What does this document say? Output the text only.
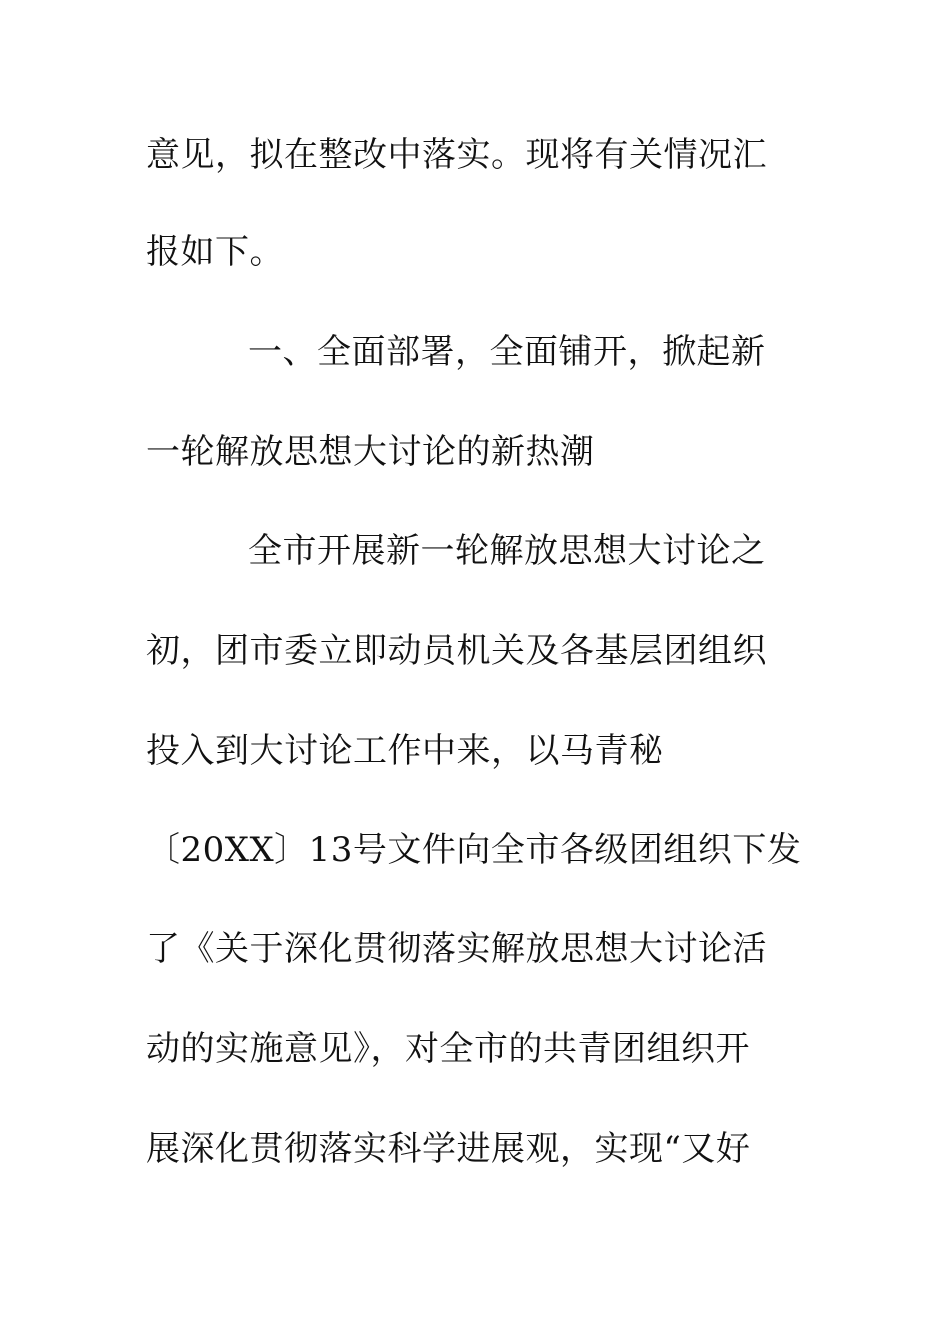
意见，拟在整改中落实。现将有关情况汇
报如下。
一、全面部署，全面铺开，掀起新
一轮解放思想大讨论的新热潮
全市开展新一轮解放思想大讨论之
初，团市委立即动员机关及各基层团组织
投入到大讨论工作中来，以马青秘
〔20XX〕13号文件向全市各级团组织下发
了《关于深化贯彻落实解放思想大讨论活
动的实施意见》，对全市的共青团组织开
展深化贯彻落实科学进展观，实现“又好
